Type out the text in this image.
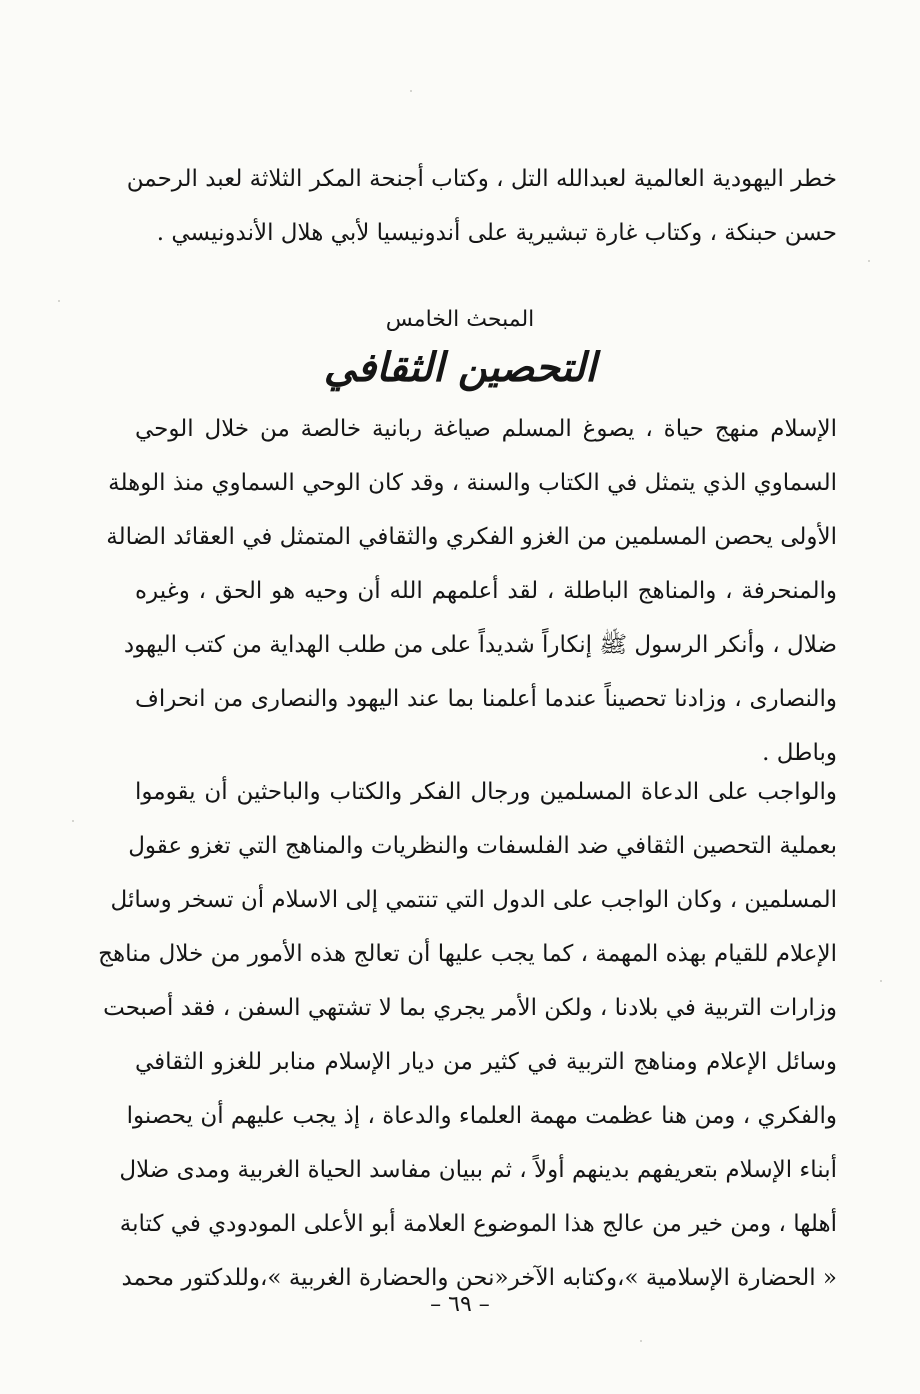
خطر اليهودية العالمية لعبدالله التل ، وكتاب أجنحة المكر الثلاثة لعبد الرحمن
حسن حبنكة ، وكتاب غارة تبشيرية على أندونيسيا لأبي هلال الأندونيسي .
المبحث الخامس
التحصين الثقافي
الإسلام منهج حياة ، يصوغ المسلم صياغة ربانية خالصة من خلال الوحي
السماوي الذي يتمثل في الكتاب والسنة ، وقد كان الوحي السماوي منذ الوهلة
الأولى يحصن المسلمين من الغزو الفكري والثقافي المتمثل في العقائد الضالة
والمنحرفة ، والمناهج الباطلة ، لقد أعلمهم الله أن وحيه هو الحق ، وغيره
ضلال ، وأنكر الرسول ﷺ إنكاراً شديداً على من طلب الهداية من كتب اليهود
والنصارى ، وزادنا تحصيناً عندما أعلمنا بما عند اليهود والنصارى من انحراف
وباطل .
والواجب على الدعاة المسلمين ورجال الفكر والكتاب والباحثين أن يقوموا
بعملية التحصين الثقافي ضد الفلسفات والنظريات والمناهج التي تغزو عقول
المسلمين ، وكان الواجب على الدول التي تنتمي إلى الاسلام أن تسخر وسائل
الإعلام للقيام بهذه المهمة ، كما يجب عليها أن تعالج هذه الأمور من خلال مناهج
وزارات التربية في بلادنا ، ولكن الأمر يجري بما لا تشتهي السفن ، فقد أصبحت
وسائل الإعلام ومناهج التربية في كثير من ديار الإسلام منابر للغزو الثقافي
والفكري ، ومن هنا عظمت مهمة العلماء والدعاة ، إذ يجب عليهم أن يحصنوا
أبناء الإسلام بتعريفهم بدينهم أولاً ، ثم ببيان مفاسد الحياة الغربية ومدى ضلال
أهلها ، ومن خير من عالج هذا الموضوع العلامة أبو الأعلى المودودي في كتابة
« الحضارة الإسلامية »،وكتابه الآخر«نحن والحضارة الغربية »،وللدكتور محمد
– ٦٩ –
